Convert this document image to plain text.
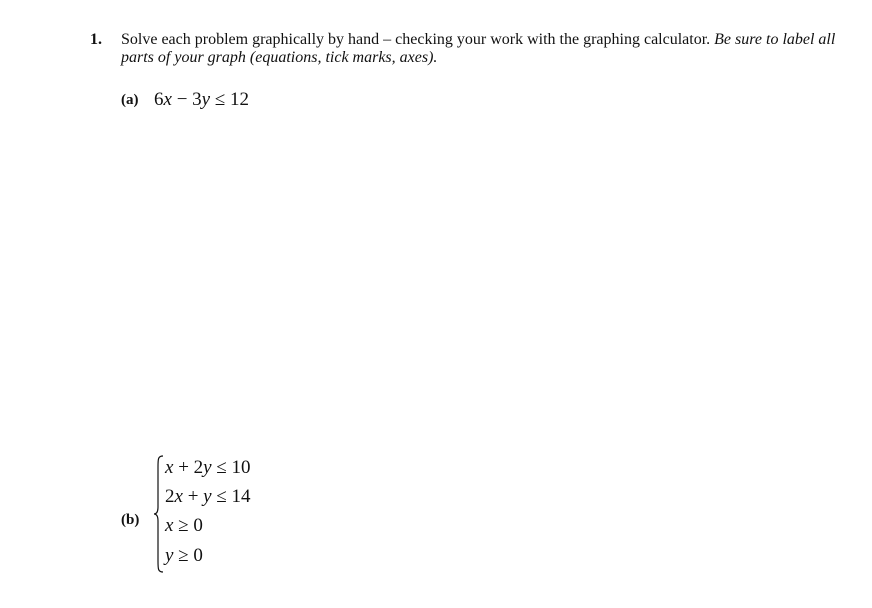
1. Solve each problem graphically by hand – checking your work with the graphing calculator. Be sure to label all parts of your graph (equations, tick marks, axes).
(a) 6x − 3y ≤ 12
(b)
x + 2y ≤ 10
2x + y ≤ 14
x ≥ 0
y ≥ 0
